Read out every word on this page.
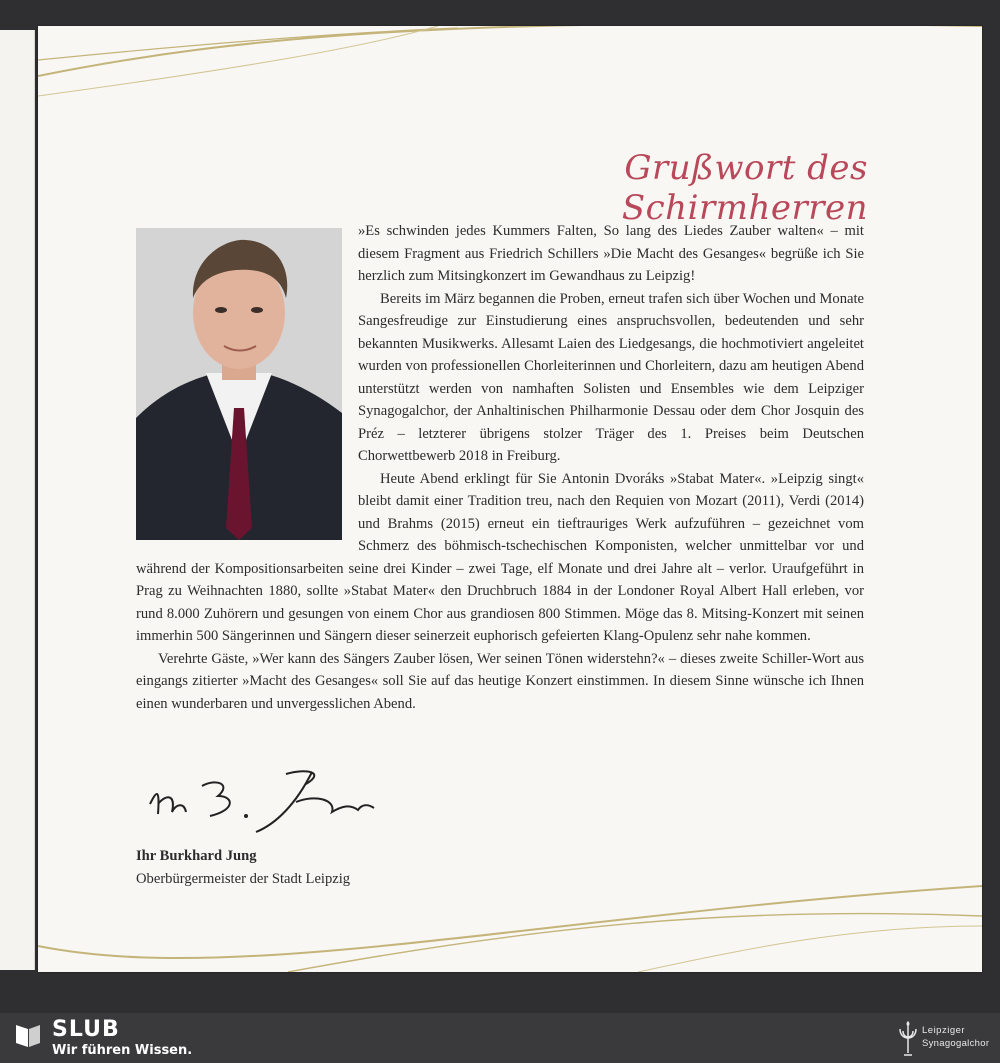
Grußwort des Schirmherren

»Es schwinden jedes Kummers Falten, So lang des Liedes Zauber walten« – mit diesem Fragment aus Friedrich Schillers »Die Macht des Gesanges« begrüße ich Sie herzlich zum Mitsingkonzert im Gewandhaus zu Leipzig!

Bereits im März begannen die Proben, erneut trafen sich über Wochen und Monate Sangesfreudige zur Einstudierung eines anspruchsvollen, bedeutenden und sehr bekannten Musikwerks. Allesamt Laien des Liedgesangs, die hochmotiviert angeleitet wurden von professionellen Chorleiterinnen und Chorleitern, dazu am heutigen Abend unterstützt werden von namhaften Solisten und Ensembles wie dem Leipziger Synagogalchor, der Anhaltinischen Philharmonie Dessau oder dem Chor Josquin des Préz – letzterer übrigens stolzer Träger des 1. Preises beim Deutschen Chorwettbewerb 2018 in Freiburg.

Heute Abend erklingt für Sie Antonin Dvoráks »Stabat Mater«. »Leipzig singt« bleibt damit einer Tradition treu, nach den Requien von Mozart (2011), Verdi (2014) und Brahms (2015) erneut ein tieftrauriges Werk aufzuführen – gezeichnet vom Schmerz des böhmisch-tschechischen Komponisten, welcher unmittelbar vor und während der Kompositionsarbeiten seine drei Kinder – zwei Tage, elf Monate und drei Jahre alt – verlor. Uraufgeführt in Prag zu Weihnachten 1880, sollte »Stabat Mater« den Druchbruch 1884 in der Londoner Royal Albert Hall erleben, vor rund 8.000 Zuhörern und gesungen von einem Chor aus grandiosen 800 Stimmen. Möge das 8. Mitsing-Konzert mit seinen immerhin 500 Sängerinnen und Sängern dieser seinerzeit euphorisch gefeierten Klang-Opulenz sehr nahe kommen.

Verehrte Gäste, »Wer kann des Sängers Zauber lösen, Wer seinen Tönen widerstehn?« – dieses zweite Schiller-Wort aus eingangs zitierter »Macht des Gesanges« soll Sie auf das heutige Konzert einstimmen. In diesem Sinne wünsche ich Ihnen einen wunderbaren und unvergesslichen Abend.

Ihr Burkhard Jung
Oberbürgermeister der Stadt Leipzig
SLUB
Wir führen Wissen.
Leipziger
Synagogalchor
